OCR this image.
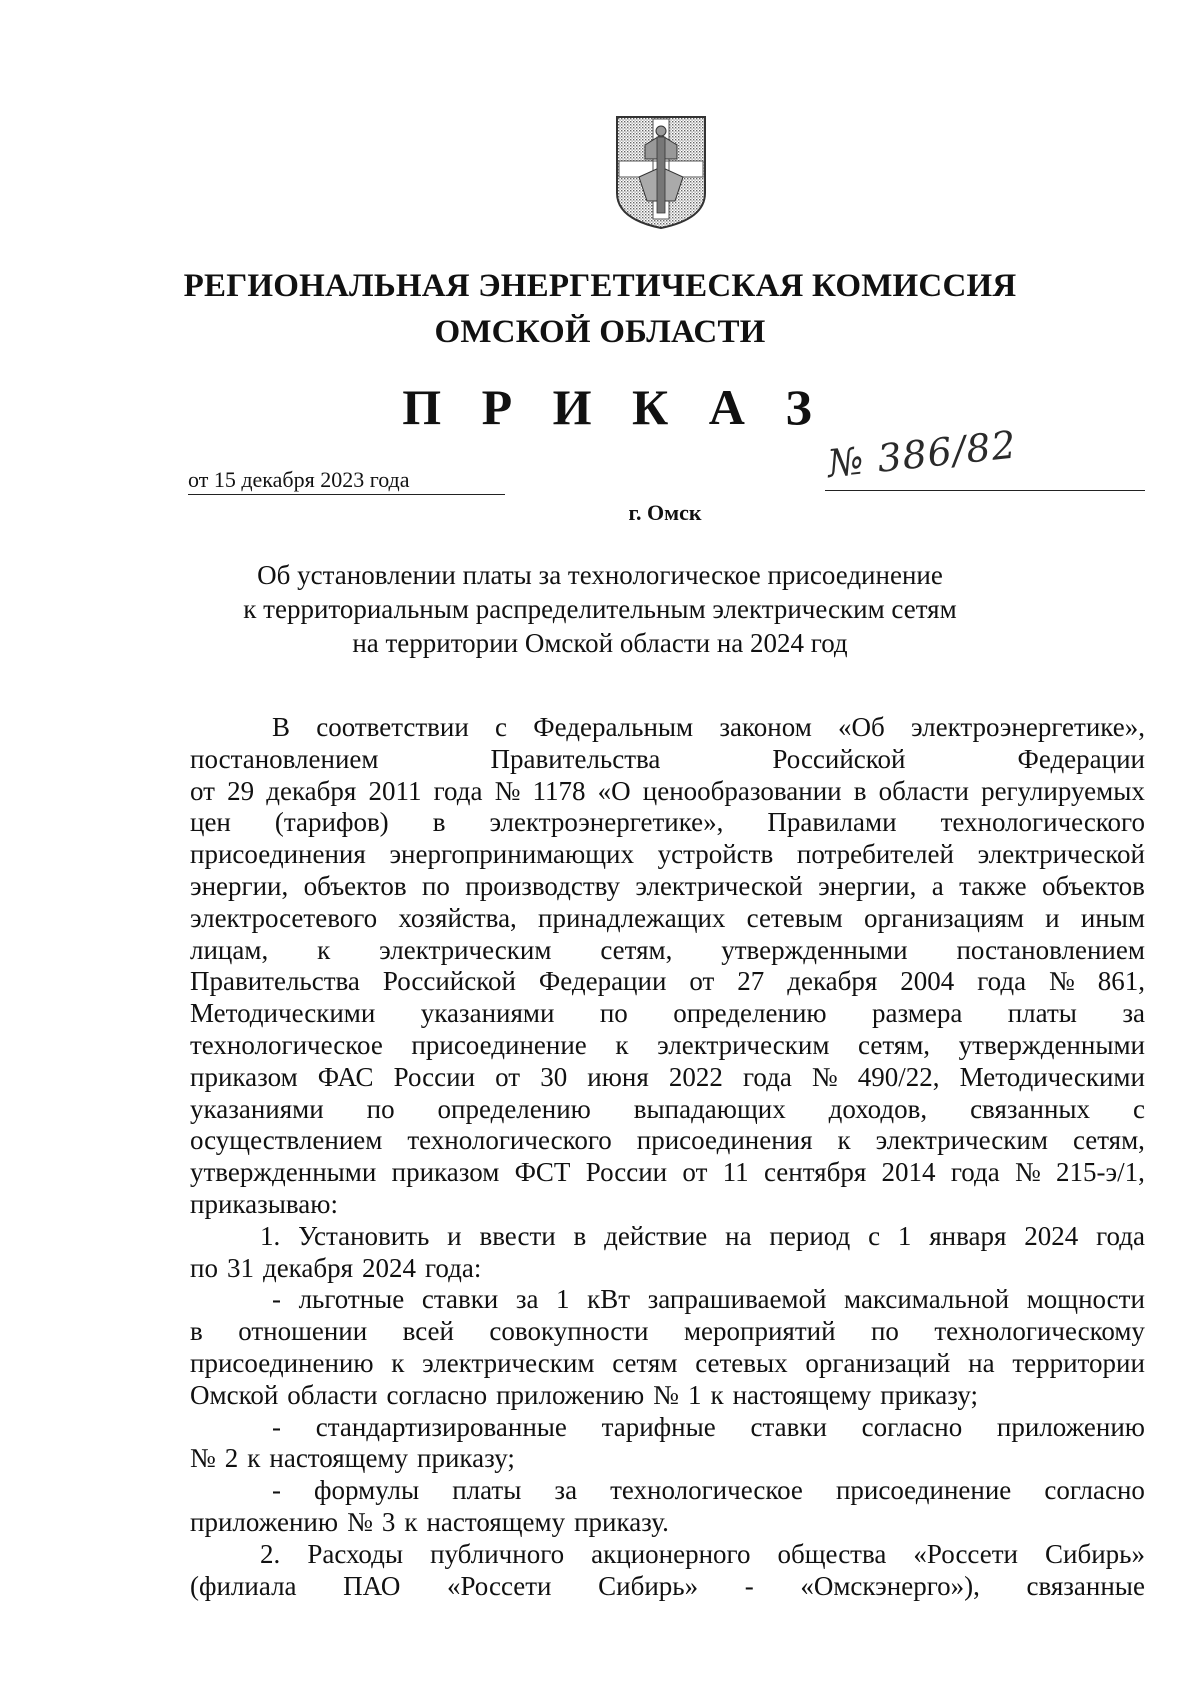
РЕГИОНАЛЬНАЯ ЭНЕРГЕТИЧЕСКАЯ КОМИССИЯ
ОМСКОЙ ОБЛАСТИ
П Р И К А З
от 15 декабря 2023 года	№ 386/82
г. Омск
Об установлении платы за технологическое присоединение
к территориальным распределительным электрическим сетям
на территории Омской области на 2024 год
В соответствии с Федеральным законом «Об электроэнергетике»,
постановлением	Правительства	Российской	Федерации
от 29 декабря 2011 года № 1178 «О ценообразовании в области регулируемых
цен (тарифов) в электроэнергетике», Правилами технологического
присоединения энергопринимающих устройств потребителей электрической
энергии, объектов по производству электрической энергии, а также объектов
электросетевого хозяйства, принадлежащих сетевым организациям и иным
лицам, к электрическим сетям, утвержденными постановлением
Правительства Российской Федерации от 27 декабря 2004 года № 861,
Методическими указаниями по определению размера платы за
технологическое присоединение к электрическим сетям, утвержденными
приказом ФАС России от 30 июня 2022 года № 490/22, Методическими
указаниями по определению выпадающих доходов, связанных с
осуществлением технологического присоединения к электрическим сетям,
утвержденными приказом ФСТ России от 11 сентября 2014 года № 215-э/1,
приказываю:
1. Установить и ввести в действие на период с 1 января 2024 года
по 31 декабря 2024 года:
- льготные ставки за 1 кВт запрашиваемой максимальной мощности
в отношении всей совокупности мероприятий по технологическому
присоединению к электрическим сетям сетевых организаций на территории
Омской области согласно приложению № 1 к настоящему приказу;
- стандартизированные тарифные ставки согласно приложению
№ 2 к настоящему приказу;
- формулы платы за технологическое присоединение согласно
приложению № 3 к настоящему приказу.
2. Расходы публичного акционерного общества «Россети Сибирь»
(филиала ПАО «Россети Сибирь» - «Омскэнерго»), связанные
